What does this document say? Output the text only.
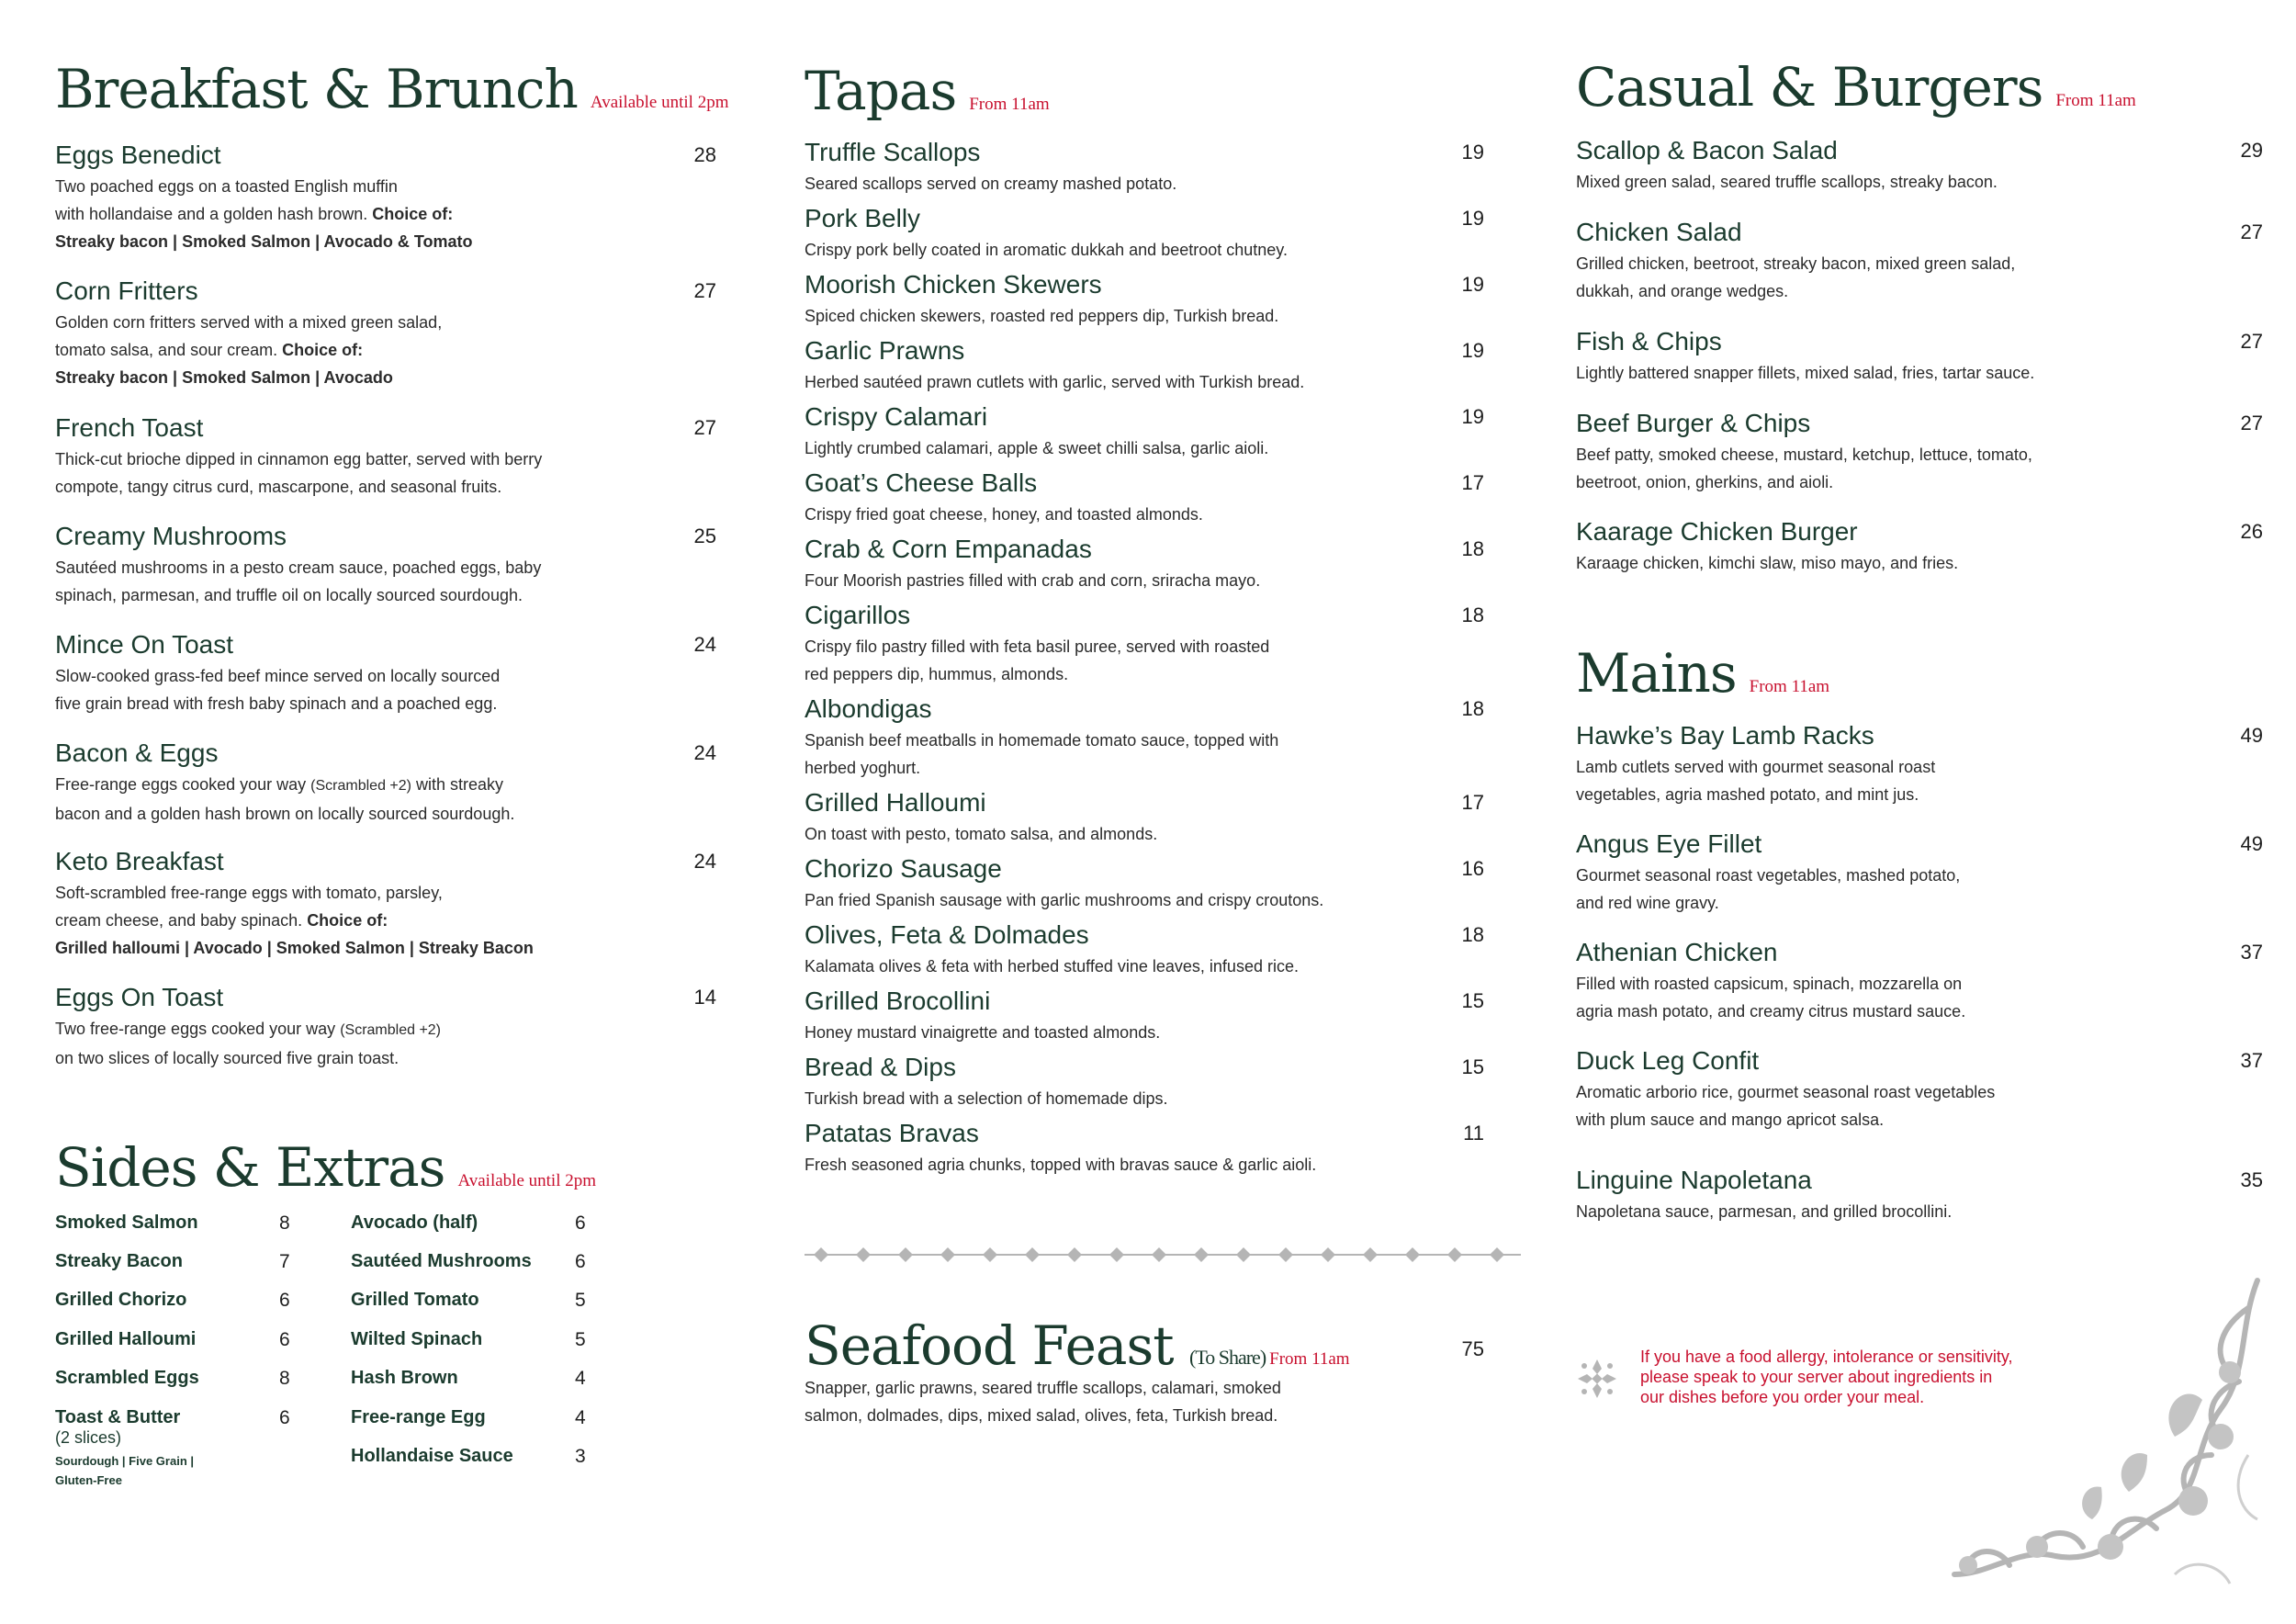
Breakfast & Brunch Available until 2pm
Eggs Benedict	28
Two poached eggs on a toasted English muffin
with hollandaise and a golden hash brown. Choice of:
Streaky bacon | Smoked Salmon | Avocado & Tomato
Corn Fritters	27
Golden corn fritters served with a mixed green salad,
tomato salsa, and sour cream. Choice of:
Streaky bacon | Smoked Salmon | Avocado
French Toast	27
Thick-cut brioche dipped in cinnamon egg batter, served with berry
compote, tangy citrus curd, mascarpone, and seasonal fruits.
Creamy Mushrooms	25
Sautéed mushrooms in a pesto cream sauce, poached eggs, baby
spinach, parmesan, and truffle oil on locally sourced sourdough.
Mince On Toast	24
Slow-cooked grass-fed beef mince served on locally sourced
five grain bread with fresh baby spinach and a poached egg.
Bacon & Eggs	24
Free-range eggs cooked your way (Scrambled +2) with streaky
bacon and a golden hash brown on locally sourced sourdough.
Keto Breakfast	24
Soft-scrambled free-range eggs with tomato, parsley,
cream cheese, and baby spinach. Choice of:
Grilled halloumi | Avocado | Smoked Salmon | Streaky Bacon
Eggs On Toast	14
Two free-range eggs cooked your way (Scrambled +2)
on two slices of locally sourced five grain toast.
Sides & Extras Available until 2pm
Smoked Salmon	8
Streaky Bacon	7
Grilled Chorizo	6
Grilled Halloumi	6
Scrambled Eggs	8
Toast & Butter	6
(2 slices)
Sourdough | Five Grain | Gluten-Free
Avocado (half)	6
Sautéed Mushrooms 6
Grilled Tomato	5
Wilted Spinach	5
Hash Brown	4
Free-range Egg	4
Hollandaise Sauce	3
Tapas From 11am
Truffle Scallops	19
Seared scallops served on creamy mashed potato.
Pork Belly	19
Crispy pork belly coated in aromatic dukkah and beetroot chutney.
Moorish Chicken Skewers	19
Spiced chicken skewers, roasted red peppers dip, Turkish bread.
Garlic Prawns	19
Herbed sautéed prawn cutlets with garlic, served with Turkish bread.
Crispy Calamari	19
Lightly crumbed calamari, apple & sweet chilli salsa, garlic aioli.
Goat’s Cheese Balls	17
Crispy fried goat cheese, honey, and toasted almonds.
Crab & Corn Empanadas	18
Four Moorish pastries filled with crab and corn, sriracha mayo.
Cigarillos	18
Crispy filo pastry filled with feta basil puree, served with roasted
red peppers dip, hummus, almonds.
Albondigas	18
Spanish beef meatballs in homemade tomato sauce, topped with
herbed yoghurt.
Grilled Halloumi	17
On toast with pesto, tomato salsa, and almonds.
Chorizo Sausage	16
Pan fried Spanish sausage with garlic mushrooms and crispy croutons.
Olives, Feta & Dolmades	18
Kalamata olives & feta with herbed stuffed vine leaves, infused rice.
Grilled Brocollini	15
Honey mustard vinaigrette and toasted almonds.
Bread & Dips	15
Turkish bread with a selection of homemade dips.
Patatas Bravas	11
Fresh seasoned agria chunks, topped with bravas sauce & garlic aioli.
Seafood Feast (To Share) From 11am	75
Snapper, garlic prawns, seared truffle scallops, calamari, smoked
salmon, dolmades, dips, mixed salad, olives, feta, Turkish bread.
Casual & Burgers From 11am
Scallop & Bacon Salad	29
Mixed green salad, seared truffle scallops, streaky bacon.
Chicken Salad	27
Grilled chicken, beetroot, streaky bacon, mixed green salad,
dukkah, and orange wedges.
Fish & Chips	27
Lightly battered snapper fillets, mixed salad, fries, tartar sauce.
Beef Burger & Chips	27
Beef patty, smoked cheese, mustard, ketchup, lettuce, tomato,
beetroot, onion, gherkins, and aioli.
Kaarage Chicken Burger	26
Karaage chicken, kimchi slaw, miso mayo, and fries.
Mains From 11am
Hawke’s Bay Lamb Racks	49
Lamb cutlets served with gourmet seasonal roast
vegetables, agria mashed potato, and mint jus.
Angus Eye Fillet	49
Gourmet seasonal roast vegetables, mashed potato,
and red wine gravy.
Athenian Chicken	37
Filled with roasted capsicum, spinach, mozzarella on
agria mash potato, and creamy citrus mustard sauce.
Duck Leg Confit	37
Aromatic arborio rice, gourmet seasonal roast vegetables
with plum sauce and mango apricot salsa.
Linguine Napoletana	35
Napoletana sauce, parmesan, and grilled brocollini.
If you have a food allergy, intolerance or sensitivity,
please speak to your server about ingredients in
our dishes before you order your meal.
